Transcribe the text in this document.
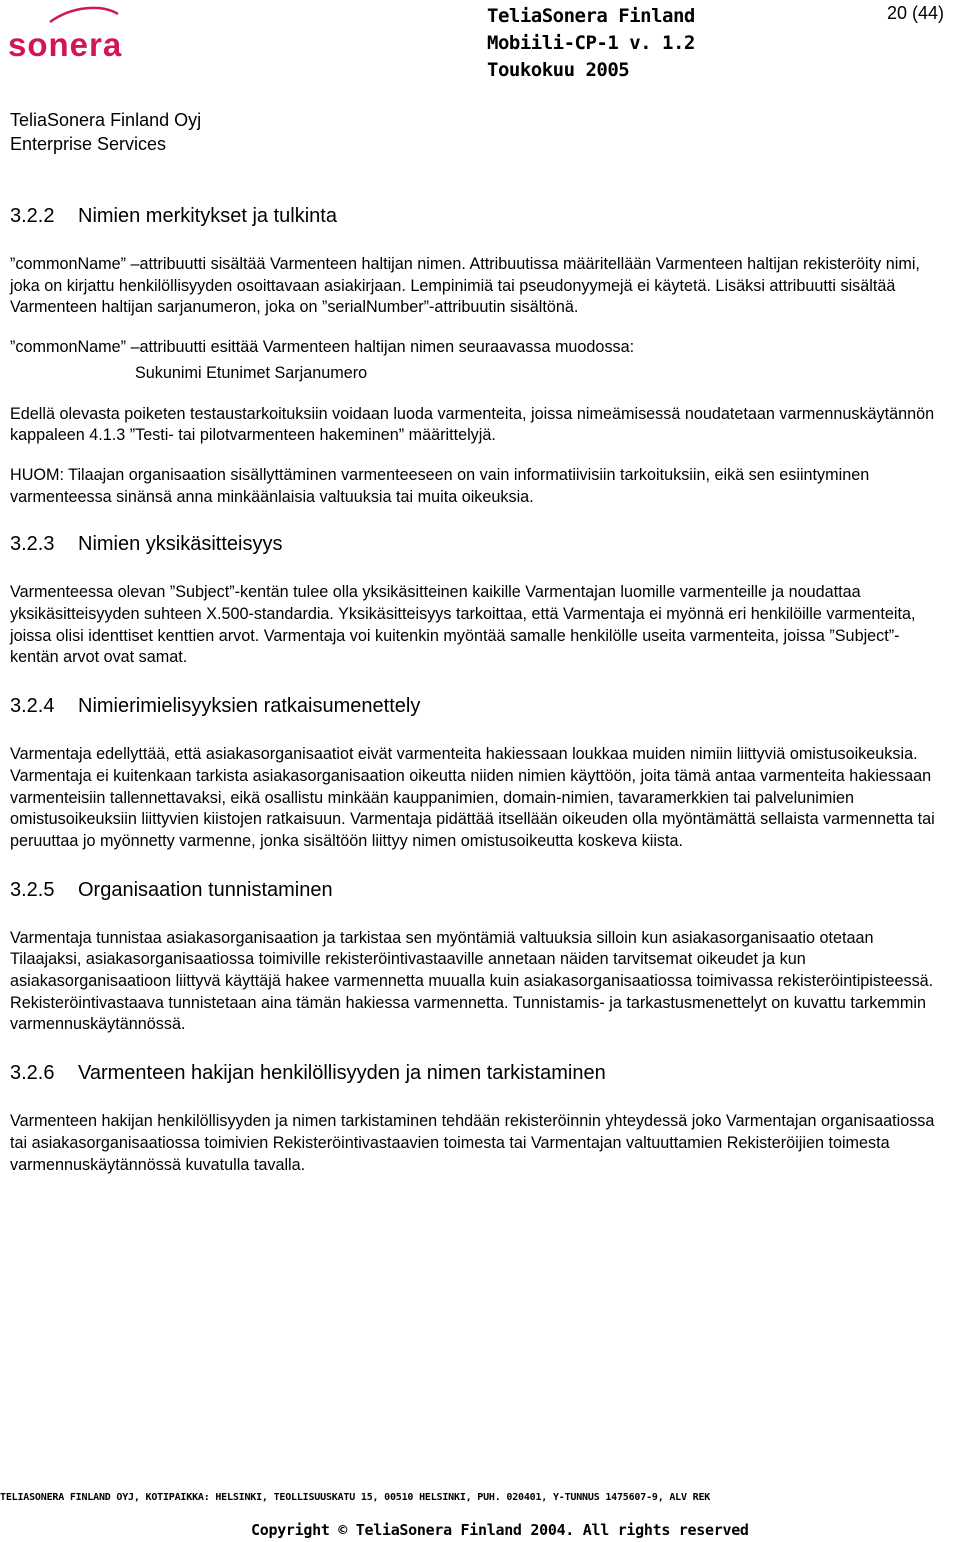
sonera
TeliaSonera Finland
Mobiili-CP-1 v. 1.2
Toukokuu 2005
20 (44)
TeliaSonera Finland Oyj
Enterprise Services
3.2.2 Nimien merkitykset ja tulkinta

”commonName” –attribuutti sisältää Varmenteen haltijan nimen. Attribuutissa määritellään Varmenteen haltijan rekisteröity nimi, joka on kirjattu henkilöllisyyden osoittavaan asiakirjaan. Lempinimiä tai pseudonyymejä ei käytetä. Lisäksi attribuutti sisältää Varmenteen haltijan sarjanumeron, joka on ”serialNumber”-attribuutin sisältönä.

”commonName” –attribuutti esittää Varmenteen haltijan nimen seuraavassa muodossa:

Sukunimi Etunimet Sarjanumero

Edellä olevasta poiketen testaustarkoituksiin voidaan luoda varmenteita, joissa nimeämisessä noudatetaan varmennuskäytännön kappaleen 4.1.3 ”Testi- tai pilotvarmenteen hakeminen” määrittelyjä.

HUOM: Tilaajan organisaation sisällyttäminen varmenteeseen on vain informatiivisiin tarkoituksiin, eikä sen esiintyminen varmenteessa sinänsä anna minkäänlaisia valtuuksia tai muita oikeuksia.

3.2.3 Nimien yksikäsitteisyys

Varmenteessa olevan ”Subject”-kentän tulee olla yksikäsitteinen kaikille Varmentajan luomille varmenteille ja noudattaa yksikäsitteisyyden suhteen X.500-standardia. Yksikäsitteisyys tarkoittaa, että Varmentaja ei myönnä eri henkilöille varmenteita, joissa olisi identtiset kenttien arvot. Varmentaja voi kuitenkin myöntää samalle henkilölle useita varmenteita, joissa ”Subject”-kentän arvot ovat samat.

3.2.4 Nimierimielisyyksien ratkaisumenettely

Varmentaja edellyttää, että asiakasorganisaatiot eivät varmenteita hakiessaan loukkaa muiden nimiin liittyviä omistusoikeuksia. Varmentaja ei kuitenkaan tarkista asiakasorganisaation oikeutta niiden nimien käyttöön, joita tämä antaa varmenteita hakiessaan varmenteisiin tallennettavaksi, eikä osallistu minkään kauppanimien, domain-nimien, tavaramerkkien tai palvelunimien omistusoikeuksiin liittyvien kiistojen ratkaisuun. Varmentaja pidättää itsellään oikeuden olla myöntämättä sellaista varmennetta tai peruuttaa jo myönnetty varmenne, jonka sisältöön liittyy nimen omistusoikeutta koskeva kiista.

3.2.5 Organisaation tunnistaminen

Varmentaja tunnistaa asiakasorganisaation ja tarkistaa sen myöntämiä valtuuksia silloin kun asiakasorganisaatio otetaan Tilaajaksi, asiakasorganisaatiossa toimiville rekisteröintivastaaville annetaan näiden tarvitsemat oikeudet ja kun asiakasorganisaatioon liittyvä käyttäjä hakee varmennetta muualla kuin asiakasorganisaatiossa toimivassa rekisteröintipisteessä. Rekisteröintivastaava tunnistetaan aina tämän hakiessa varmennetta. Tunnistamis- ja tarkastusmenettelyt on kuvattu tarkemmin varmennuskäytännössä.

3.2.6 Varmenteen hakijan henkilöllisyyden ja nimen tarkistaminen

Varmenteen hakijan henkilöllisyyden ja nimen tarkistaminen tehdään rekisteröinnin yhteydessä joko Varmentajan organisaatiossa tai asiakasorganisaatiossa toimivien Rekisteröintivastaavien toimesta tai Varmentajan valtuuttamien Rekisteröijien toimesta varmennuskäytännössä kuvatulla tavalla.

TELIASONERA FINLAND OYJ, KOTIPAIKKA: HELSINKI, TEOLLISUUSKATU 15, 00510 HELSINKI, PUH. 020401, Y-TUNNUS 1475607-9, ALV REK
Copyright © TeliaSonera Finland 2004. All rights reserved
